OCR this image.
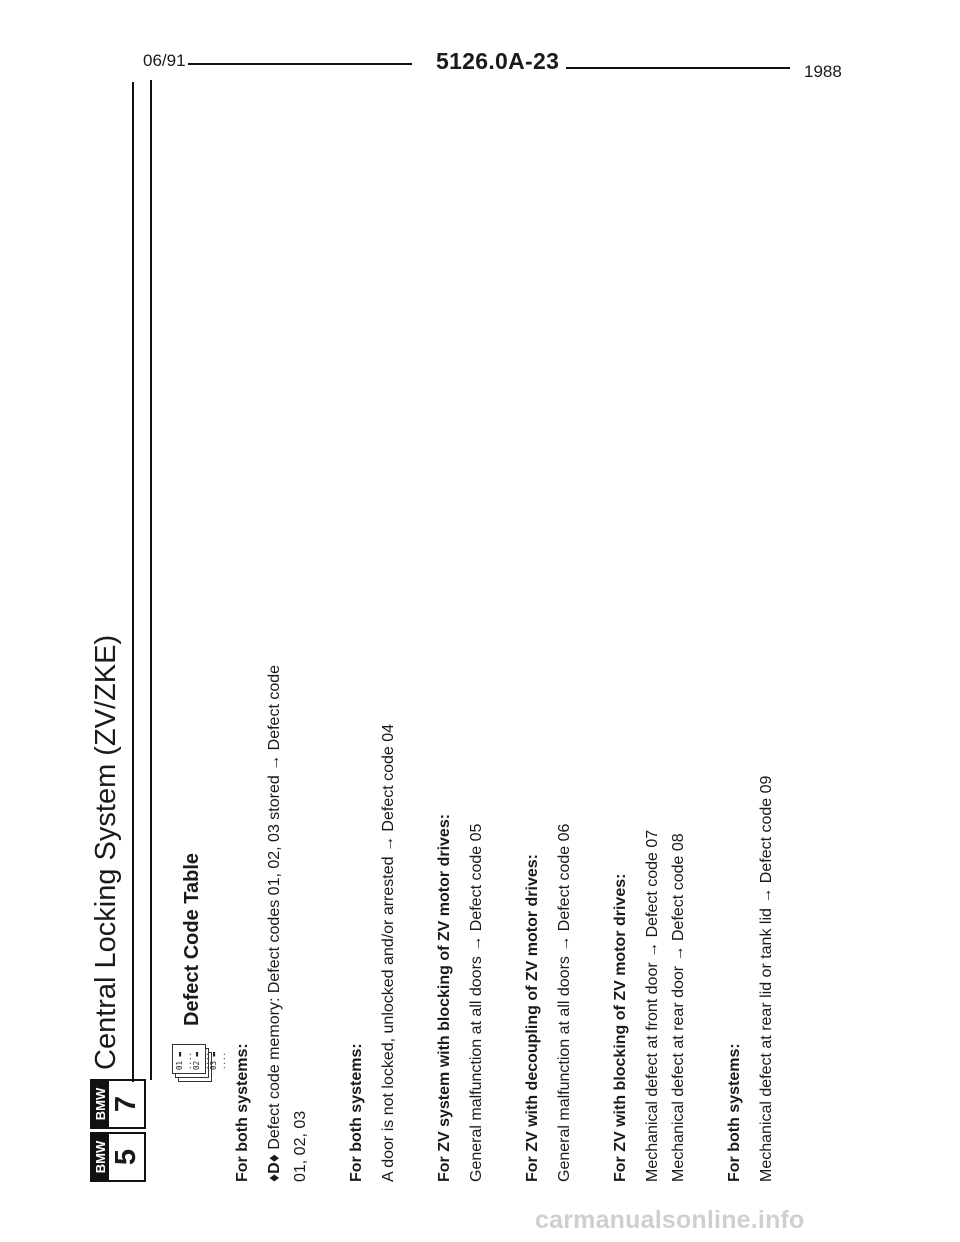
06/91	5126.0A-23	1988
BMW 5
BMW 7
Central Locking System (ZV/ZKE)	01 ▬ .... 02 ▬ .... 03 ▬ ....
Defect Code Table

For both systems: ♦D♦ Defect code memory: Defect codes 01, 02, 03 stored → Defect code 01, 02, 03	For both systems: A door is not locked, unlocked and/or arrested → Defect code 04	For ZV system with blocking of ZV motor drives: General malfunction at all doors → Defect code 05	For ZV with decoupling of ZV motor drives: General malfunction at all doors → Defect code 06	For ZV with blocking of ZV motor drives: Mechanical defect at front door → Defect code 07 Mechanical defect at rear door → Defect code 08	For both systems: Mechanical defect at rear lid or tank lid → Defect code 09

carmanualsonline.info
